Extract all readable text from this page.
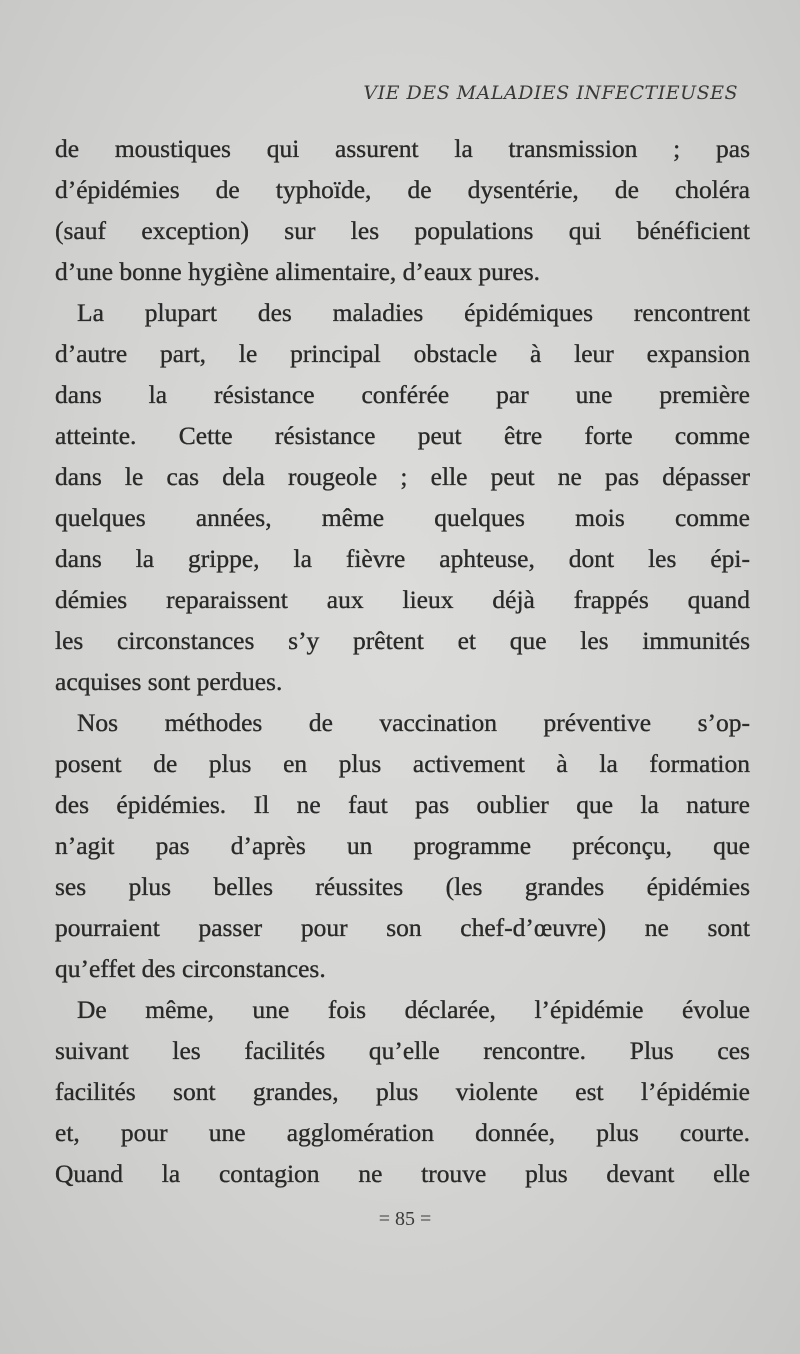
VIE DES MALADIES INFECTIEUSES
de moustiques qui assurent la transmission ; pas
d’épidémies de typhoïde, de dysentérie, de choléra
(sauf exception) sur les populations qui bénéficient
d’une bonne hygiène alimentaire, d’eaux pures.
La plupart des maladies épidémiques rencontrent
d’autre part, le principal obstacle à leur expansion
dans la résistance conférée par une première
atteinte. Cette résistance peut être forte comme
dans le cas dela rougeole ; elle peut ne pas dépasser
quelques années, même quelques mois comme
dans la grippe, la fièvre aphteuse, dont les épi-
démies reparaissent aux lieux déjà frappés quand
les circonstances s’y prêtent et que les immunités
acquises sont perdues.
Nos méthodes de vaccination préventive s’op-
posent de plus en plus activement à la formation
des épidémies. Il ne faut pas oublier que la nature
n’agit pas d’après un programme préconçu, que
ses plus belles réussites (les grandes épidémies
pourraient passer pour son chef-d’œuvre) ne sont
qu’effet des circonstances.
De même, une fois déclarée, l’épidémie évolue
suivant les facilités qu’elle rencontre. Plus ces
facilités sont grandes, plus violente est l’épidémie
et, pour une agglomération donnée, plus courte.
Quand la contagion ne trouve plus devant elle
= 85 =
